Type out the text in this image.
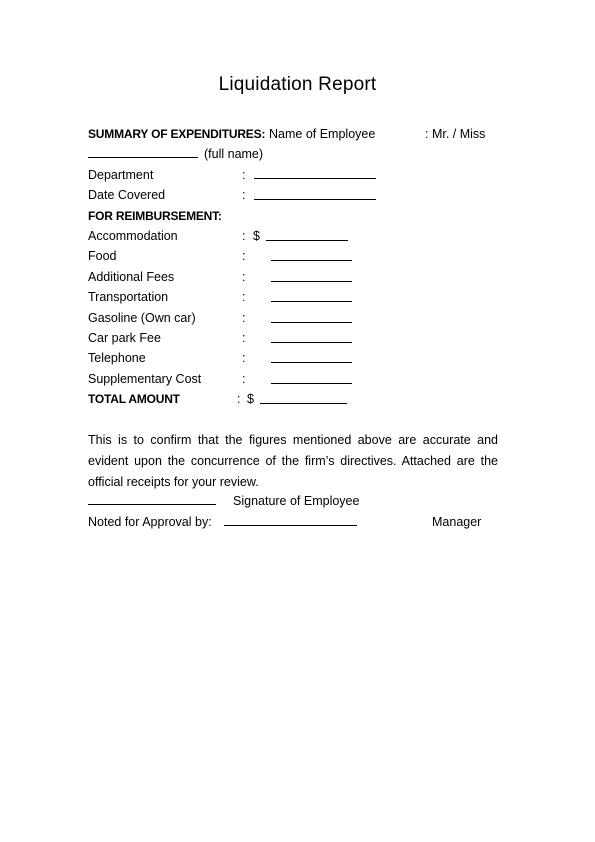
Liquidation Report
SUMMARY OF EXPENDITURES: Name of Employee	: Mr. / Miss
(full name)
Department	:
Date Covered	:
FOR REIMBURSEMENT:
Accommodation	: $
Food	:
Additional Fees	:
Transportation	:
Gasoline (Own car)	:
Car park Fee	:
Telephone	:
Supplementary Cost	:
TOTAL AMOUNT	: $
This is to confirm that the figures mentioned above are accurate and evident upon the concurrence of the firm’s directives. Attached are the official receipts for your review.
Signature of Employee
Noted for Approval by:	Manager
